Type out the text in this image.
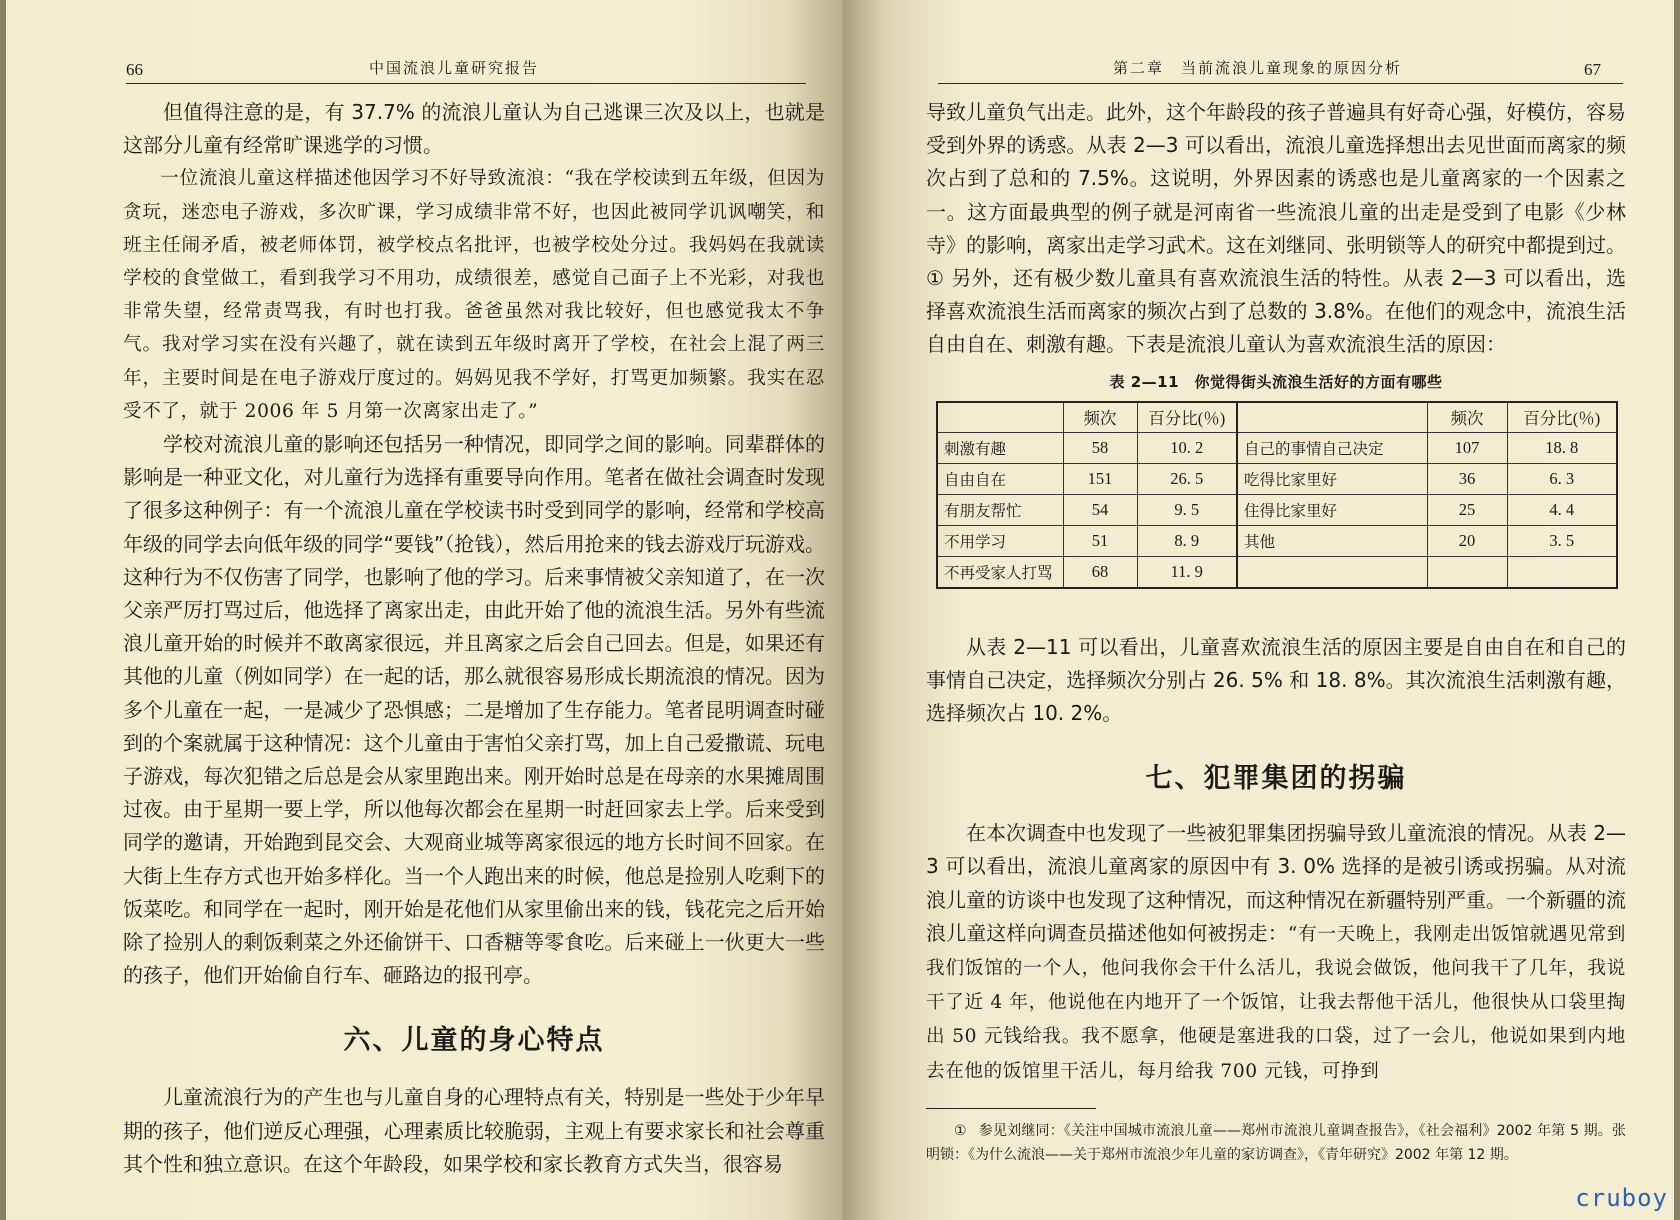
66	中国流浪儿童研究报告

但值得注意的是，有 37.7% 的流浪儿童认为自己逃课三次及以上，也就是这部分儿童有经常旷课逃学的习惯。

一位流浪儿童这样描述他因学习不好导致流浪：“我在学校读到五年级，但因为贪玩，迷恋电子游戏，多次旷课，学习成绩非常不好，也因此被同学讥讽嘲笑，和班主任闹矛盾，被老师体罚，被学校点名批评，也被学校处分过。我妈妈在我就读学校的食堂做工，看到我学习不用功，成绩很差，感觉自己面子上不光彩，对我也非常失望，经常责骂我，有时也打我。爸爸虽然对我比较好，但也感觉我太不争气。我对学习实在没有兴趣了，就在读到五年级时离开了学校，在社会上混了两三年，主要时间是在电子游戏厅度过的。妈妈见我不学好，打骂更加频繁。我实在忍受不了，就于 2006 年 5 月第一次离家出走了。”

学校对流浪儿童的影响还包括另一种情况，即同学之间的影响。同辈群体的影响是一种亚文化，对儿童行为选择有重要导向作用。笔者在做社会调查时发现了很多这种例子：有一个流浪儿童在学校读书时受到同学的影响，经常和学校高年级的同学去向低年级的同学“要钱”（抢钱），然后用抢来的钱去游戏厅玩游戏。这种行为不仅伤害了同学，也影响了他的学习。后来事情被父亲知道了，在一次父亲严厉打骂过后，他选择了离家出走，由此开始了他的流浪生活。另外有些流浪儿童开始的时候并不敢离家很远，并且离家之后会自己回去。但是，如果还有其他的儿童（例如同学）在一起的话，那么就很容易形成长期流浪的情况。因为多个儿童在一起，一是减少了恐惧感；二是增加了生存能力。笔者昆明调查时碰到的个案就属于这种情况：这个儿童由于害怕父亲打骂，加上自己爱撒谎、玩电子游戏，每次犯错之后总是会从家里跑出来。刚开始时总是在母亲的水果摊周围过夜。由于星期一要上学，所以他每次都会在星期一时赶回家去上学。后来受到同学的邀请，开始跑到昆交会、大观商业城等离家很远的地方长时间不回家。在大街上生存方式也开始多样化。当一个人跑出来的时候，他总是捡别人吃剩下的饭菜吃。和同学在一起时，刚开始是花他们从家里偷出来的钱，钱花完之后开始除了捡别人的剩饭剩菜之外还偷饼干、口香糖等零食吃。后来碰上一伙更大一些的孩子，他们开始偷自行车、砸路边的报刊亭。

六、儿童的身心特点

儿童流浪行为的产生也与儿童自身的心理特点有关，特别是一些处于少年早期的孩子，他们逆反心理强，心理素质比较脆弱，主观上有要求家长和社会尊重其个性和独立意识。在这个年龄段，如果学校和家长教育方式失当，很容易

第二章　当前流浪儿童现象的原因分析	67

导致儿童负气出走。此外，这个年龄段的孩子普遍具有好奇心强，好模仿，容易受到外界的诱惑。从表 2—3 可以看出，流浪儿童选择想出去见世面而离家的频次占到了总和的 7.5%。这说明，外界因素的诱惑也是儿童离家的一个因素之一。这方面最典型的例子就是河南省一些流浪儿童的出走是受到了电影《少林寺》的影响，离家出走学习武术。这在刘继同、张明锁等人的研究中都提到过。① 另外，还有极少数儿童具有喜欢流浪生活的特性。从表 2—3 可以看出，选择喜欢流浪生活而离家的频次占到了总数的 3.8%。在他们的观念中，流浪生活自由自在、刺激有趣。下表是流浪儿童认为喜欢流浪生活的原因：

表 2—11　你觉得街头流浪生活好的方面有哪些
	频次	百分比(％)		频次	百分比(％)
刺激有趣	58	10. 2	自己的事情自己决定	107	18. 8
自由自在	151	26. 5	吃得比家里好	36	6. 3
有朋友帮忙	54	9. 5	住得比家里好	25	4. 4
不用学习	51	8. 9	其他	20	3. 5
不再受家人打骂	68	11. 9			

从表 2—11 可以看出，儿童喜欢流浪生活的原因主要是自由自在和自己的事情自己决定，选择频次分别占 26. 5% 和 18. 8%。其次流浪生活刺激有趣，选择频次占 10. 2%。

七、犯罪集团的拐骗

在本次调查中也发现了一些被犯罪集团拐骗导致儿童流浪的情况。从表 2—3 可以看出，流浪儿童离家的原因中有 3. 0% 选择的是被引诱或拐骗。从对流浪儿童的访谈中也发现了这种情况，而这种情况在新疆特别严重。一个新疆的流浪儿童这样向调查员描述他如何被拐走：“有一天晚上，我刚走出饭馆就遇见常到我们饭馆的一个人，他问我你会干什么活儿，我说会做饭，他问我干了几年，我说干了近 4 年，他说他在内地开了一个饭馆，让我去帮他干活儿，他很快从口袋里掏出 50 元钱给我。我不愿拿，他硬是塞进我的口袋，过了一会儿，他说如果到内地去在他的饭馆里干活儿，每月给我 700 元钱，可挣到

① 参见刘继同：《关注中国城市流浪儿童——郑州市流浪儿童调查报告》，《社会福利》2002 年第 5 期。张明锁：《为什么流浪——关于郑州市流浪少年儿童的家访调查》，《青年研究》2002 年第 12 期。

cruboy
